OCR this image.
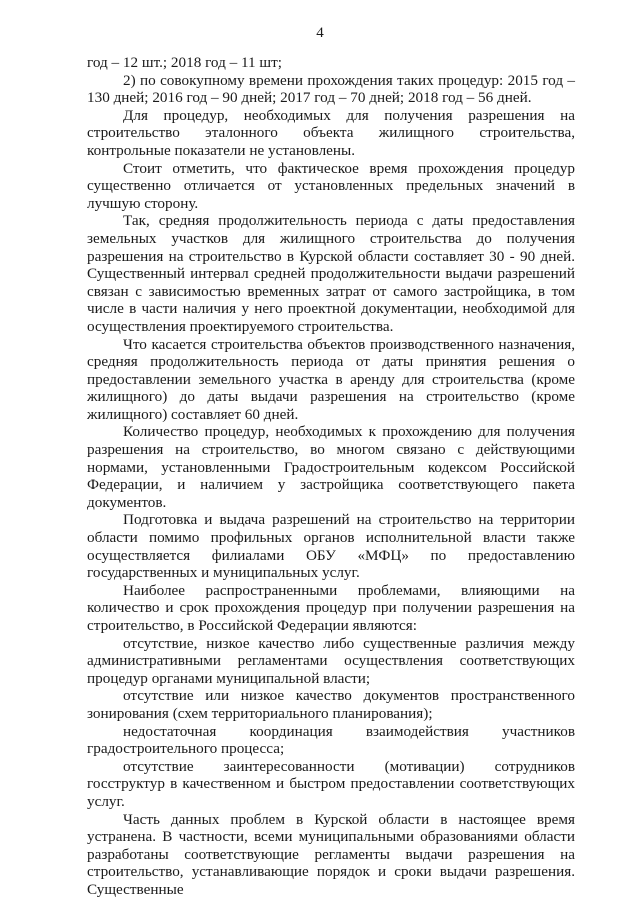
4

год – 12 шт.; 2018 год – 11 шт;

2) по совокупному времени прохождения таких процедур: 2015 год – 130 дней; 2016 год – 90 дней; 2017 год – 70 дней; 2018 год – 56 дней.

Для процедур, необходимых для получения разрешения на строительство эталонного объекта жилищного строительства, контрольные показатели не установлены.

Стоит отметить, что фактическое время прохождения процедур существенно отличается от установленных предельных значений в лучшую сторону.

Так, средняя продолжительность периода с даты предоставления земельных участков для жилищного строительства до получения разрешения на строительство в Курской области составляет 30 - 90 дней. Существенный интервал средней продолжительности выдачи разрешений связан с зависимостью временных затрат от самого застройщика, в том числе в части наличия у него проектной документации, необходимой для осуществления проектируемого строительства.

Что касается строительства объектов производственного назначения, средняя продолжительность периода от даты принятия решения о предоставлении земельного участка в аренду для строительства (кроме жилищного) до даты выдачи разрешения на строительство (кроме жилищного) составляет 60 дней.

Количество процедур, необходимых к прохождению для получения разрешения на строительство, во многом связано с действующими нормами, установленными Градостроительным кодексом Российской Федерации, и наличием у застройщика соответствующего пакета документов.

Подготовка и выдача разрешений на строительство на территории области помимо профильных органов исполнительной власти также осуществляется филиалами ОБУ «МФЦ» по предоставлению государственных и муниципальных услуг.

Наиболее распространенными проблемами, влияющими на количество и срок прохождения процедур при получении разрешения на строительство, в Российской Федерации являются:

отсутствие, низкое качество либо существенные различия между административными регламентами осуществления соответствующих процедур органами муниципальной власти;

отсутствие или низкое качество документов пространственного зонирования (схем территориального планирования);

недостаточная координация взаимодействия участников градостроительного процесса;

отсутствие заинтересованности (мотивации) сотрудников госструктур в качественном и быстром предоставлении соответствующих услуг.

Часть данных проблем в Курской области в настоящее время устранена. В частности, всеми муниципальными образованиями области разработаны соответствующие регламенты выдачи разрешения на строительство, устанавливающие порядок и сроки выдачи разрешения. Существенные
